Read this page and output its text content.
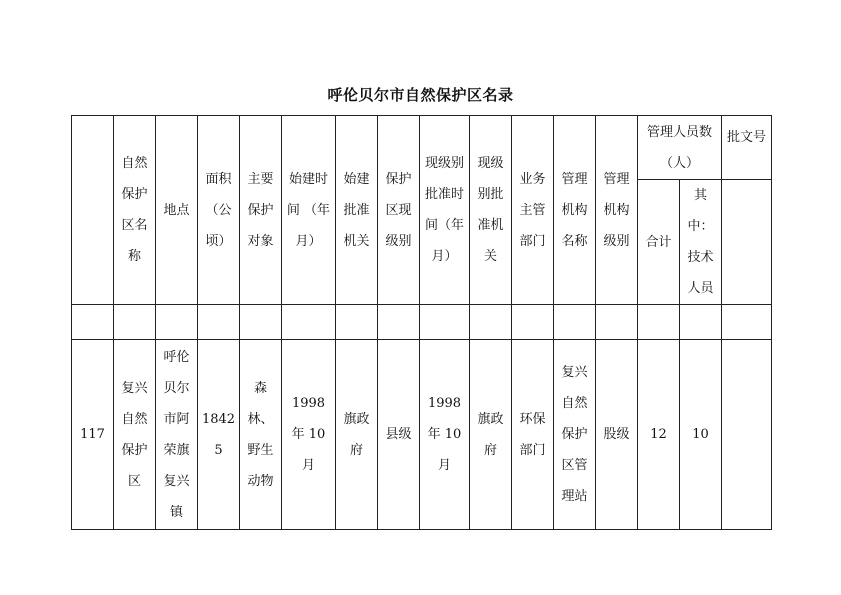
呼伦贝尔市自然保护区名录
	自然保护区名称	地点	面积（公顷）	主要保护对象	始建时间 （年月）	始建批准机关	保护区现级别	现级别批准时间（年月）	现级别批准机关	业务主管部门	管理机构名称	管理机构级别	管理人员数（人）		批文号
													合计	其中：技术人员	

117	复兴自然保护区	呼伦贝尔市阿荣旗复兴镇	18425	森林、野生动物	1998 年 10 月	旗政府	县级	1998 年 10 月	旗政府	环保部门	复兴自然保护区管理站	股级	12	10	
